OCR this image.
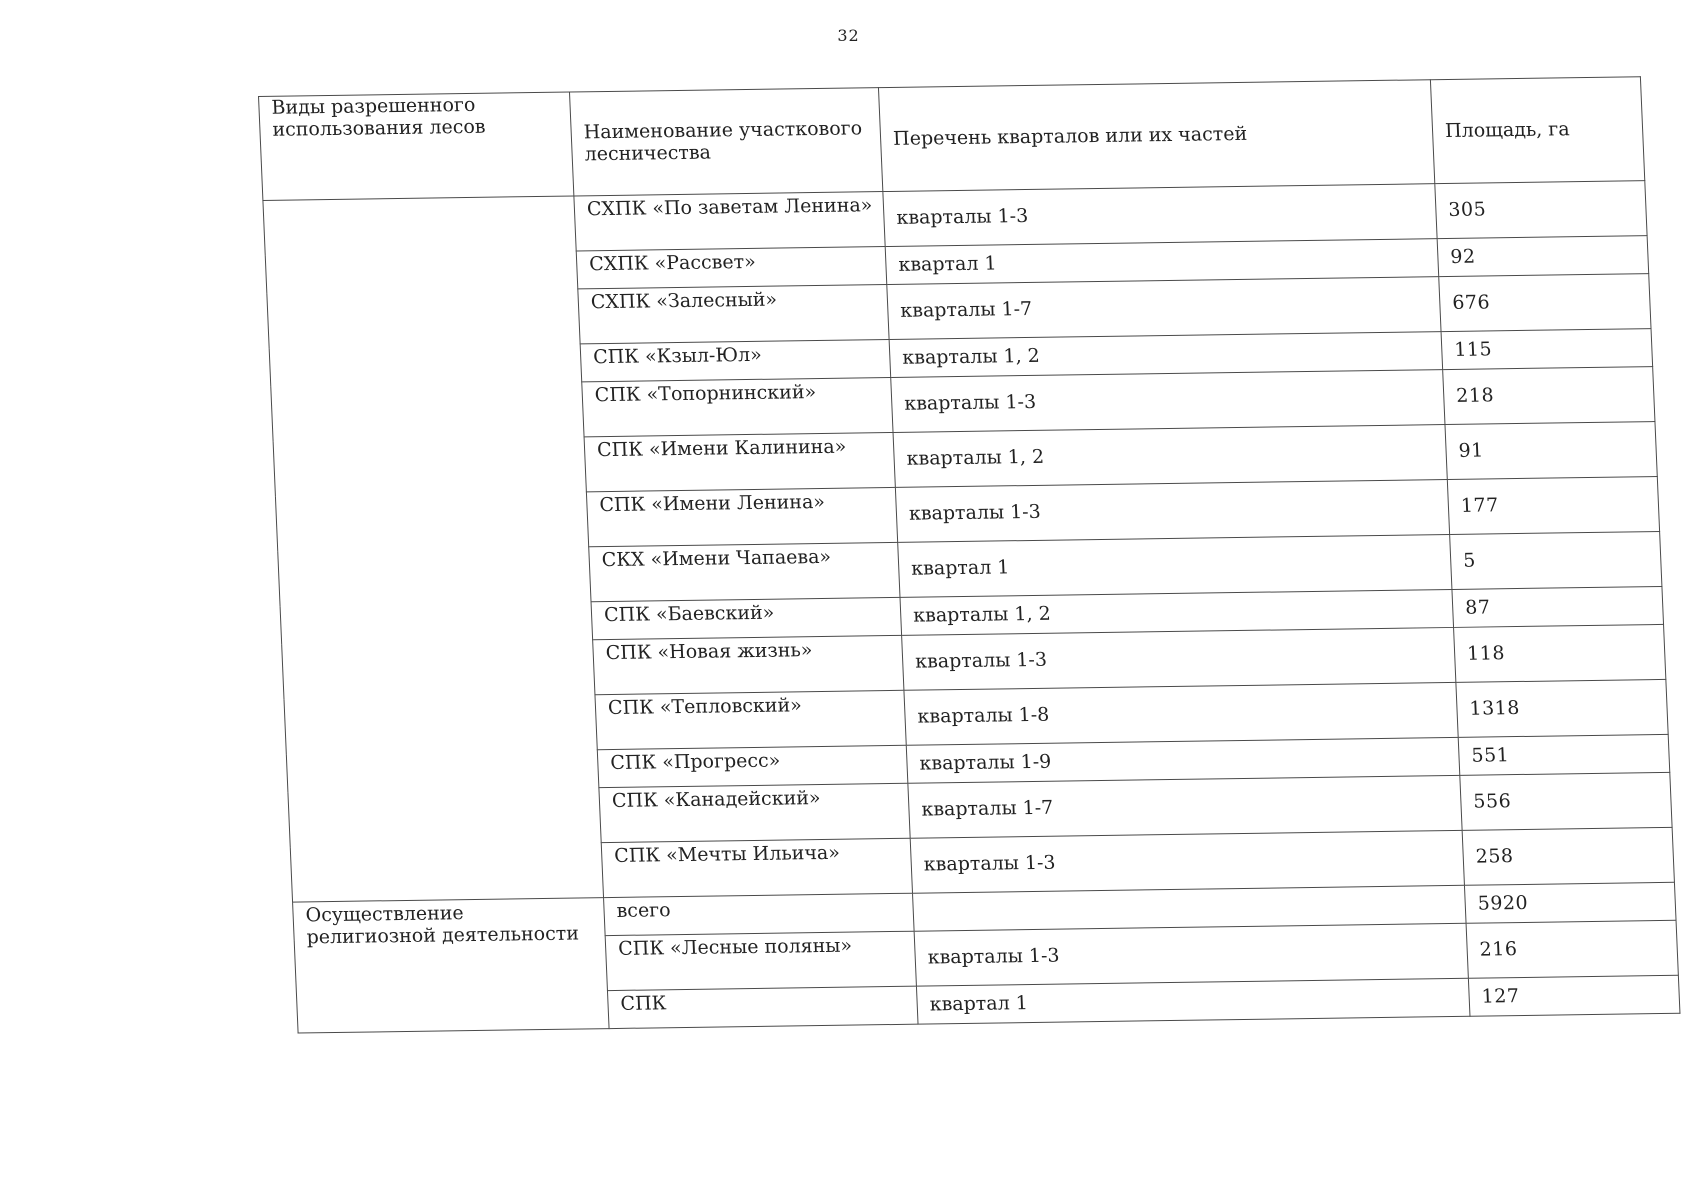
32
Виды разрешенного использования лесов	Наименование участкового лесничества	Перечень кварталов или их частей	Площадь, га
	СХПК «По заветам Ленина»	кварталы 1-3	305
	СХПК «Рассвет»	квартал 1	92
	СХПК «Залесный»	кварталы 1-7	676
	СПК «Кзыл-Юл»	кварталы 1, 2	115
	СПК «Топорнинский»	кварталы 1-3	218
	СПК «Имени Калинина»	кварталы 1, 2	91
	СПК «Имени Ленина»	кварталы 1-3	177
	СКХ «Имени Чапаева»	квартал 1	5
	СПК «Баевский»	кварталы 1, 2	87
	СПК «Новая жизнь»	кварталы 1-3	118
	СПК «Тепловский»	кварталы 1-8	1318
	СПК «Прогресс»	кварталы 1-9	551
	СПК «Канадейский»	кварталы 1-7	556
	СПК «Мечты Ильича»	кварталы 1-3	258
Осуществление религиозной деятельности	всего		5920
	СПК «Лесные поляны»	кварталы 1-3	216
	СПК	квартал 1	127
